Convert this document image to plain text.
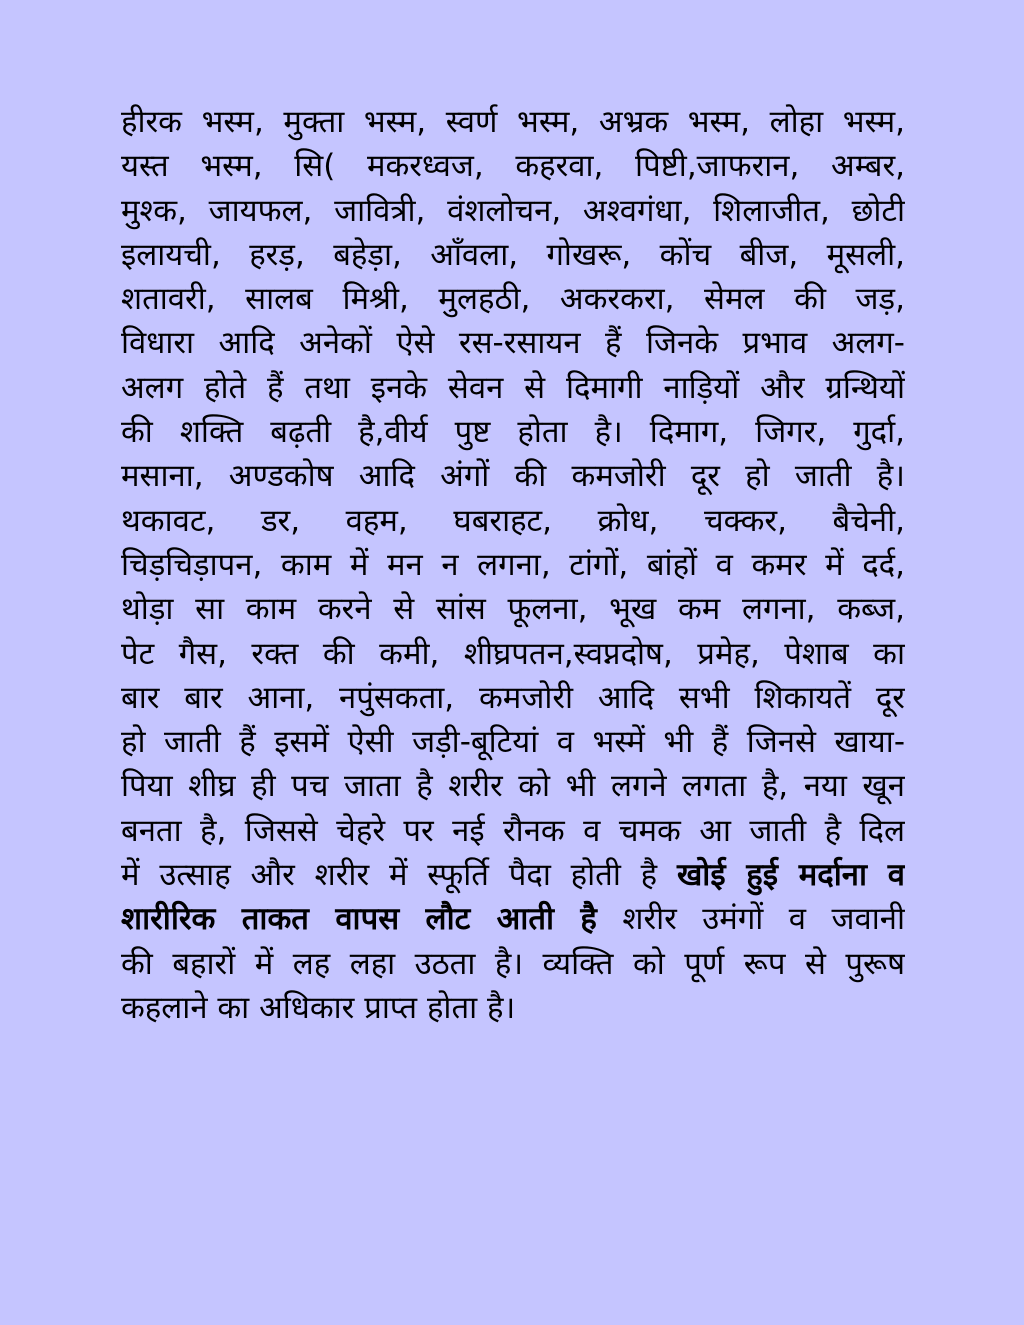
हीरक भस्म, मुक्ता भस्म, स्वर्ण भस्म, अभ्रक भस्म, लोहा भस्म,
यस्त भस्म, सि( मकरध्वज, कहरवा, पिष्टी,जाफरान, अम्बर,
मुश्क, जायफल, जावित्री, वंशलोचन, अश्वगंधा, शिलाजीत, छोटी
इलायची, हरड़, बहेड़ा, आँवला, गोखरू, कोंच बीज, मूसली,
शतावरी, सालब मिश्री, मुलहठी, अकरकरा, सेमल की जड़,
विधारा आदि अनेकों ऐसे रस-रसायन हैं जिनके प्रभाव अलग-
अलग होते हैं तथा इनके सेवन से दिमागी नाड़ियों और ग्रन्थियों
की शक्ति बढ़ती है,वीर्य पुष्ट होता है। दिमाग, जिगर, गुर्दा,
मसाना, अण्डकोष आदि अंगों की कमजोरी दूर हो जाती है।
थकावट, डर, वहम, घबराहट, क्रोध, चक्कर, बैचेनी,
चिड़चिड़ापन, काम में मन न लगना, टांगों, बांहों व कमर में दर्द,
थोड़ा सा काम करने से सांस फूलना, भूख कम लगना, कब्ज,
पेट गैस, रक्त की कमी, शीघ्रपतन,स्वप्नदोष, प्रमेह, पेशाब का
बार बार आना, नपुंसकता, कमजोरी आदि सभी शिकायतें दूर
हो जाती हैं इसमें ऐसी जड़ी-बूटियां व भस्में भी हैं जिनसे खाया-
पिया शीघ्र ही पच जाता है शरीर को भी लगने लगता है, नया खून
बनता है, जिससे चेहरे पर नई रौनक व चमक आ जाती है दिल
में उत्साह और शरीर में स्फूर्ति पैदा होती है खोई हुई मर्दाना व
शारीरिक ताकत वापस लौट आती है शरीर उमंगों व जवानी
की बहारों में लह लहा उठता है। व्यक्ति को पूर्ण रूप से पुरूष
कहलाने का अधिकार प्राप्त होता है।
